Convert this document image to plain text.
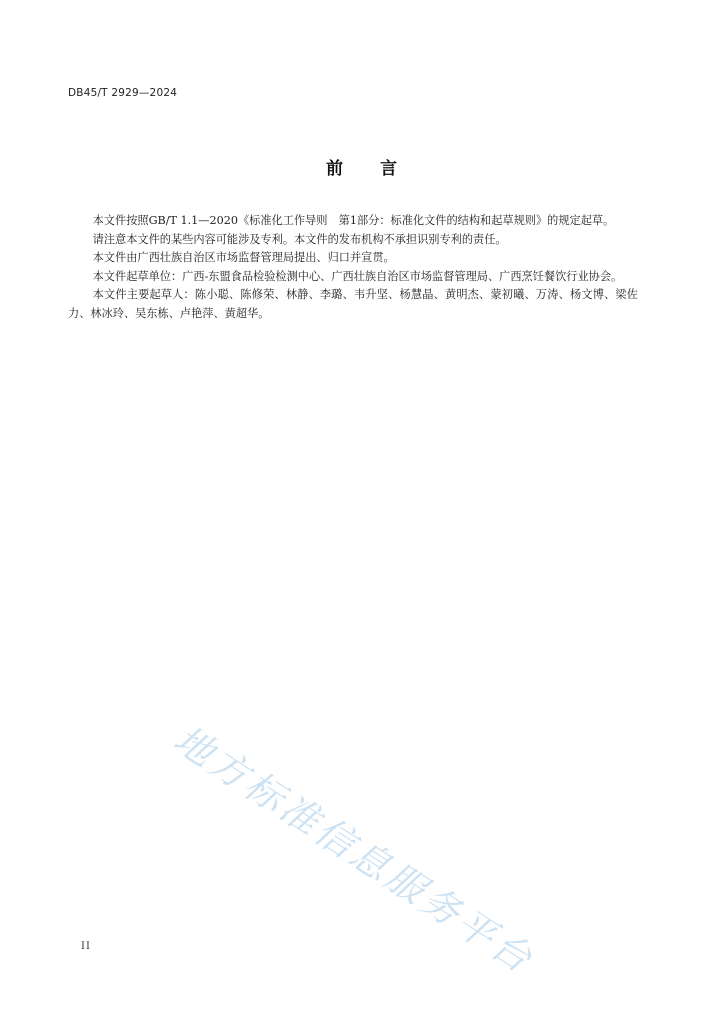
DB45/T 2929—2024
前 言

本文件按照GB/T 1.1—2020《标准化工作导则　第1部分：标准化文件的结构和起草规则》的规定起草。

请注意本文件的某些内容可能涉及专利。本文件的发布机构不承担识别专利的责任。

本文件由广西壮族自治区市场监督管理局提出、归口并宣贯。

本文件起草单位：广西-东盟食品检验检测中心、广西壮族自治区市场监督管理局、广西烹饪餐饮行业协会。

本文件主要起草人：陈小聪、陈修荣、林静、李璐、韦升坚、杨慧晶、黄明杰、蒙初曦、万涛、杨文博、梁佐力、林冰玲、吴东栋、卢艳萍、黄超华。

地方标准信息服务平台
II
